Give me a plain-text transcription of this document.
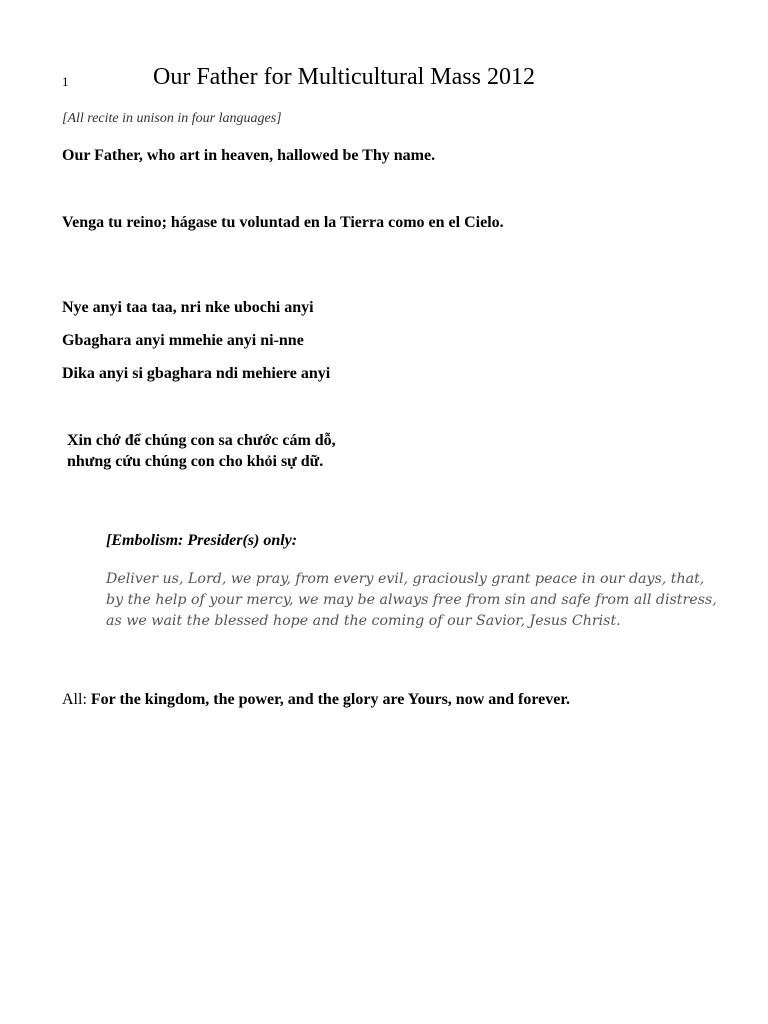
1	Our Father for Multicultural Mass 2012
[All recite in unison in four languages]
Our Father, who art in heaven, hallowed be Thy name.
Venga tu reino; hágase tu voluntad en la Tierra como en el Cielo.
Nye anyi taa taa, nri nke ubochi anyi
Gbaghara anyi mmehie anyi ni-nne
Dika anyi si gbaghara ndi mehiere anyi
Xin chớ để chúng con sa chước cám dỗ,
nhưng cứu chúng con cho khỏi sự dữ.
[Embolism: Presider(s) only:
Deliver us, Lord, we pray, from every evil, graciously grant peace in our days, that,
by the help of your mercy, we may be always free from sin and safe from all distress,
as we wait the blessed hope and the coming of our Savior, Jesus Christ.
All: For the kingdom, the power, and the glory are Yours, now and forever.
